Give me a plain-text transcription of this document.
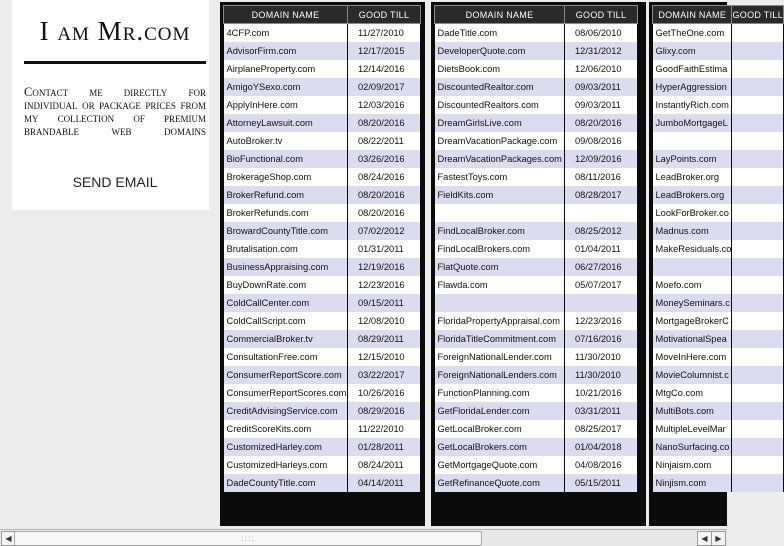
I am Mr.com
Contact me directly for individual or package prices from my collection of premium brandable web domains
SEND EMAIL
DOMAIN NAME	GOOD TILL
4CFP.com	11/27/2010
AdvisorFirm.com	12/17/2015
AirplaneProperty.com	12/14/2016
AmigoYSexo.com	02/09/2017
ApplyInHere.com	12/03/2016
AttorneyLawsuit.com	08/20/2016
AutoBroker.tv	08/22/2011
BioFunctional.com	03/26/2016
BrokerageShop.com	08/24/2016
BrokerRefund.com	08/20/2016
BrokerRefunds.com	08/20/2016
BrowardCountyTitle.com	07/02/2012
Brutalisation.com	01/31/2011
BusinessAppraising.com	12/19/2016
BuyDownRate.com	12/23/2016
ColdCallCenter.com	09/15/2011
ColdCallScript.com	12/08/2010
CommercialBroker.tv	08/29/2011
ConsultationFree.com	12/15/2010
ConsumerReportScore.com	03/22/2017
ConsumerReportScores.com	10/26/2016
CreditAdvisingService.com	08/29/2016
CreditScoreKits.com	11/22/2010
CustomizedHarley.com	01/28/2011
CustomizedHarleys.com	08/24/2011
DadeCountyTitle.com	04/14/2011
DOMAIN NAME	GOOD TILL
DadeTitle.com	08/06/2010
DeveloperQuote.com	12/31/2012
DietsBook.com	12/06/2010
DiscountedRealtor.com	09/03/2011
DiscountedRealtors.com	09/03/2011
DreamGirlsLive.com	08/20/2016
DreamVacationPackage.com	09/08/2016
DreamVacationPackages.com	12/09/2016
FastestToys.com	08/11/2016
FieldKits.com	08/28/2017

FindLocalBroker.com	08/25/2012
FindLocalBrokers.com	01/04/2011
FlatQuote.com	06/27/2016
Flawda.com	05/07/2017

FloridaPropertyAppraisal.com	12/23/2016
FloridaTitleCommitment.com	07/16/2016
ForeignNationalLender.com	11/30/2010
ForeignNationalLenders.com	11/30/2010
FunctionPlanning.com	10/21/2016
GetFloridaLender.com	03/31/2011
GetLocalBroker.com	08/25/2017
GetLocalBrokers.com	01/04/2018
GetMortgageQuote.com	04/08/2016
GetRefinanceQuote.com	05/15/2011
DOMAIN NAME	GOOD TILL
GetTheOne.com	
Glixy.com	
GoodFaithEstima	
HyperAggression	
InstantlyRich.com	
JumboMortgageL	

LayPoints.com	
LeadBroker.org	
LeadBrokers.org	
LookForBroker.co	
Madnus.com	
MakeResiduals.co	

Moefo.com	
MoneySeminars.c	
MortgageBrokerC	
MotivationalSpea	
MoveInHere.com	
MovieColumnist.c	
MtgCo.com	
MultiBots.com	
MultipleLevelMar	
NanoSurfacing.co	
Ninjaism.com	
Ninjism.com	
◀	::::	◀ ▶
